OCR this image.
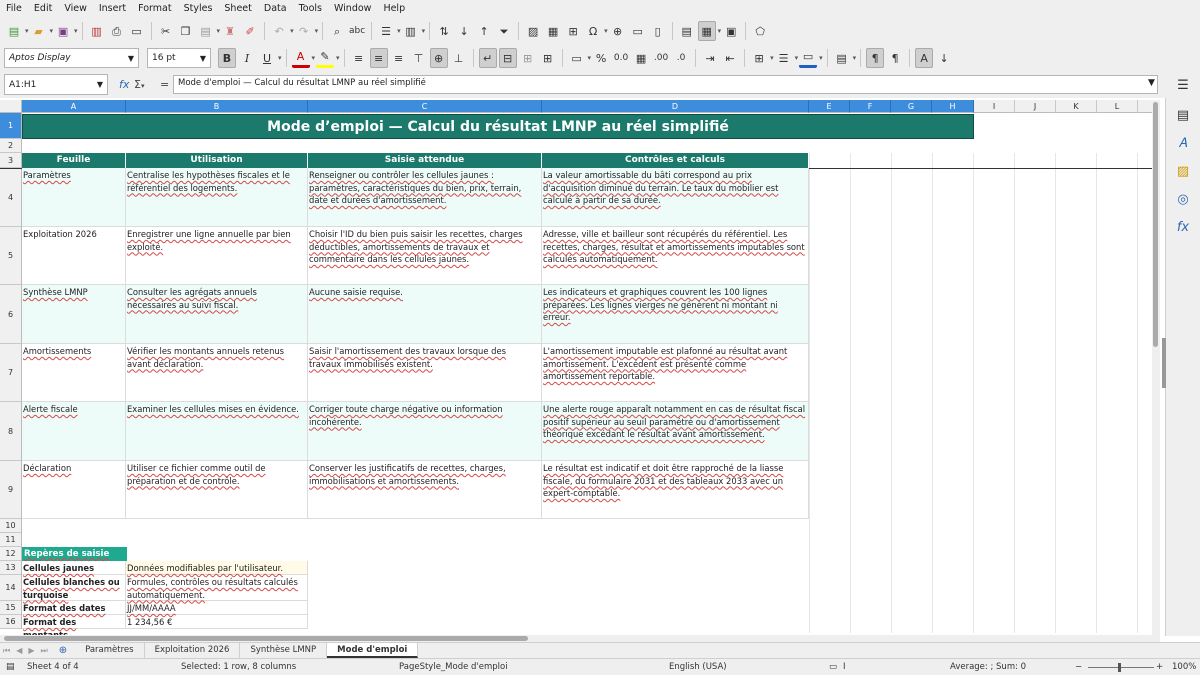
File	Edit	View	Insert	Format	Styles	Sheet	Data	Tools	Window	Help
▤ ▾ ▰ ▾ ▣ ▾	▥ ⎙ ▭	✂ ❐ ▤ ▾ ♜ ✐	↶ ▾ ↷ ▾	⌕ abc	☰ ▾ ▥ ▾	⇅ ↓ ↑ ⏷	▨ ▦ ⊞	Ω ▾ ⊕ ▭	▯	▤ ▦ ▾ ▣	⬠
Aptos Display	▼ 16 pt	▼	B	I	U ▾	A	▾ ✎ ▾	≡ ≡ ≡ ⊤ ⊕ ⊥	↵ ⊟ ⊞ ⊞	▭ ▾ % 0.0 ▦ .00 .0	⇥ ⇤	⊞ ▾ ☰ ▾ ▭ ▾	▤ ▾	¶	¶	A	↓
A1:H1	▼ fx Σ▾ =	Mode d'emploi — Calcul du résultat LMNP au réel simplifié	▼
A	B	C	D	E	F	G	H	I	J	K	L
1
2
3
4
5
6
7
8
9
10
11
12
13
14
15
16
Mode d’emploi — Calcul du résultat LMNP au réel simplifié
Feuille	Utilisation	Saisie attendue	Contrôles et calculs
Paramètres	Centralise les hypothèses fiscales et le référentiel des logements.
Renseigner ou contrôler les cellules jaunes : paramètres, caractéristiques du bien, prix, terrain, date et durées d'amortissement.
La valeur amortissable du bâti correspond au prix d'acquisition diminué du terrain. Le taux du mobilier est calculé à partir de sa durée.
Exploitation 2026	Enregistrer une ligne annuelle par bien exploité.
Choisir l'ID du bien puis saisir les recettes, charges déductibles, amortissements de travaux et commentaire dans les cellules jaunes.
Adresse, ville et bailleur sont récupérés du référentiel. Les recettes, charges, résultat et amortissements imputables sont calculés automatiquement.
Synthèse LMNP	Consulter les agrégats annuels nécessaires au suivi fiscal.
Aucune saisie requise.	Les indicateurs et graphiques couvrent les 100 lignes préparées. Les lignes vierges ne génèrent ni montant ni erreur.
Amortissements	Vérifier les montants annuels retenus avant déclaration.
Saisir l'amortissement des travaux lorsque des travaux immobilisés existent.
L'amortissement imputable est plafonné au résultat avant amortissement. L'excédent est présenté comme amortissement reportable.
Alerte fiscale	Examiner les cellules mises en évidence.	Corriger toute charge négative ou information incohérente.
Une alerte rouge apparaît notamment en cas de résultat fiscal positif supérieur au seuil paramétré ou d'amortissement théorique excédant le résultat avant amortissement.
Déclaration	Utiliser ce fichier comme outil de préparation et de contrôle.
Conserver les justificatifs de recettes, charges, immobilisations et amortissements.
Le résultat est indicatif et doit être rapproché de la liasse fiscale, du formulaire 2031 et des tableaux 2033 avec un expert-comptable.
Repères de saisie
Cellules jaunes	Données modifiables par l'utilisateur.
Cellules blanches ou turquoise
Formules, contrôles ou résultats calculés automatiquement.
Format des dates	JJ/MM/AAAA
Format des	1 234,56 €
☰
▤
𝐴
▨
◎
fx
⏮ ◀ ▶ ⏭	⊕	Paramètres	Exploitation 2026	Synthèse LMNP	Mode d'emploi
▤ Sheet 4 of 4	Selected: 1 row, 8 columns	PageStyle_Mode d'emploi	English (USA)	▭ Ι	Average: ; Sum: 0	−	+ 100%
